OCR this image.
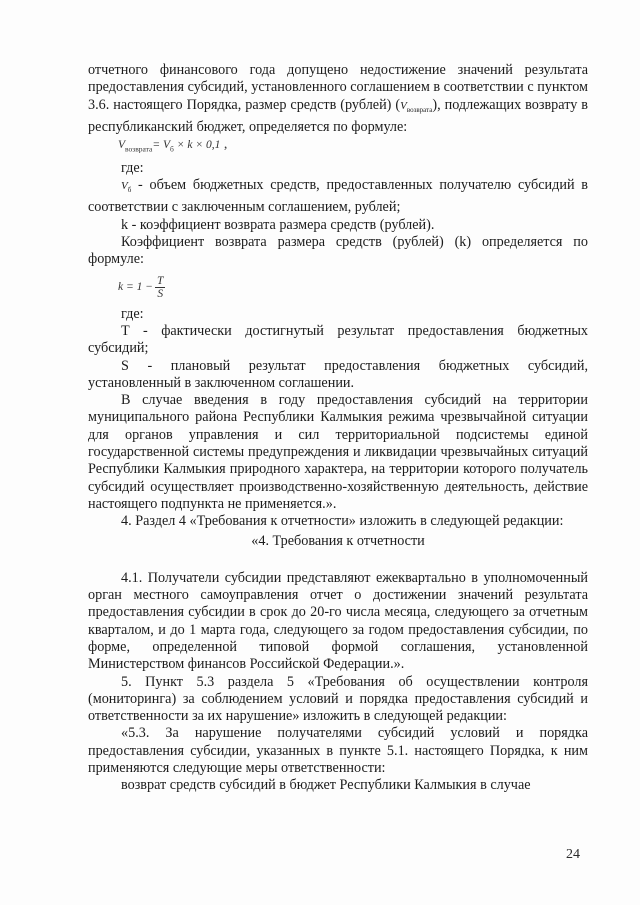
отчетного финансового года допущено недостижение значений результата предоставления субсидий, установленного соглашением в соответствии с пунктом 3.6. настоящего Порядка, размер средств (рублей) $(V_{возврата})$, подлежащих возврату в республиканский бюджет, определяется по формуле:

$V_{возврата}= V_б \times k \times 0,1$ ,

где:

$V_б$ - объем бюджетных средств, предоставленных получателю субсидий в соответствии с заключенным соглашением, рублей;

k - коэффициент возврата размера средств (рублей).

Коэффициент возврата размера средств (рублей) (k) определяется по формуле:

$k = 1 - \frac{T}{S}$

где:

T - фактически достигнутый результат предоставления бюджетных субсидий;

S - плановый результат предоставления бюджетных субсидий, установленный в заключенном соглашении.

В случае введения в году предоставления субсидий на территории муниципального района Республики Калмыкия режима чрезвычайной ситуации для органов управления и сил территориальной подсистемы единой государственной системы предупреждения и ликвидации чрезвычайных ситуаций Республики Калмыкия природного характера, на территории которого получатель субсидий осуществляет производственно-хозяйственную деятельность, действие настоящего подпункта не применяется.».

4. Раздел 4 «Требования к отчетности» изложить в следующей редакции:

«4. Требования к отчетности

4.1. Получатели субсидии представляют ежеквартально в уполномоченный орган местного самоуправления отчет о достижении значений результата предоставления субсидии в срок до 20-го числа месяца, следующего за отчетным кварталом, и до 1 марта года, следующего за годом предоставления субсидии, по форме, определенной типовой формой соглашения, установленной Министерством финансов Российской Федерации.».

5. Пункт 5.3 раздела 5 «Требования об осуществлении контроля (мониторинга) за соблюдением условий и порядка предоставления субсидий и ответственности за их нарушение» изложить в следующей редакции:

«5.3. За нарушение получателями субсидий условий и порядка предоставления субсидии, указанных в пункте 5.1. настоящего Порядка, к ним применяются следующие меры ответственности:

возврат средств субсидий в бюджет Республики Калмыкия в случае

24
